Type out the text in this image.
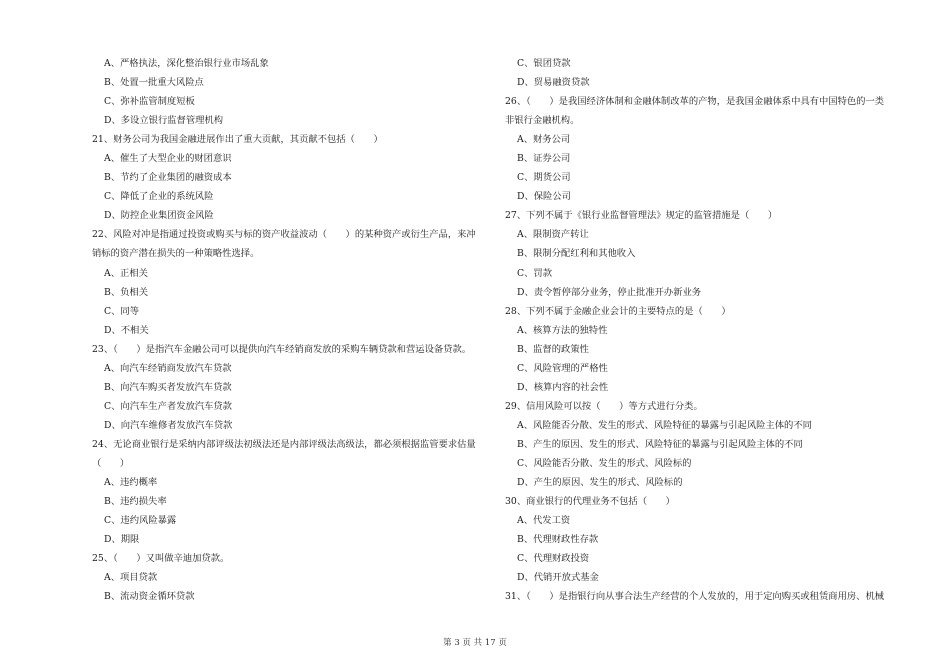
A、严格执法，深化整治银行业市场乱象
B、处置一批重大风险点
C、弥补监管制度短板
D、多设立银行监督管理机构
21、财务公司为我国金融进展作出了重大贡献，其贡献不包括（　　）
A、催生了大型企业的财团意识
B、节约了企业集团的融资成本
C、降低了企业的系统风险
D、防控企业集团资金风险
22、风险对冲是指通过投资或购买与标的资产收益波动（　　）的某种资产或衍生产品，来冲
销标的资产潜在损失的一种策略性选择。
A、正相关
B、负相关
C、同等
D、不相关
23、（　　）是指汽车金融公司可以提供向汽车经销商发放的采购车辆贷款和营运设备贷款。
A、向汽车经销商发放汽车贷款
B、向汽车购买者发放汽车贷款
C、向汽车生产者发放汽车贷款
D、向汽车维修者发放汽车贷款
24、无论商业银行是采纳内部评级法初级法还是内部评级法高级法，都必须根据监管要求估量
（　　）
A、违约概率
B、违约损失率
C、违约风险暴露
D、期限
25、（　　）又叫做辛迪加贷款。
A、项目贷款
B、流动资金循环贷款
C、银团贷款
D、贸易融资贷款
26、（　　）是我国经济体制和金融体制改革的产物，是我国金融体系中具有中国特色的一类
非银行金融机构。
A、财务公司
B、证券公司
C、期货公司
D、保险公司
27、下列不属于《银行业监督管理法》规定的监管措施是（　　）
A、限制资产转让
B、限制分配红利和其他收入
C、罚款
D、责令暂停部分业务，停止批准开办新业务
28、下列不属于金融企业会计的主要特点的是（　　）
A、核算方法的独特性
B、监督的政策性
C、风险管理的严格性
D、核算内容的社会性
29、信用风险可以按（　　）等方式进行分类。
A、风险能否分散、发生的形式、风险特征的暴露与引起风险主体的不同
B、产生的原因、发生的形式、风险特征的暴露与引起风险主体的不同
C、风险能否分散、发生的形式、风险标的
D、产生的原因、发生的形式、风险标的
30、商业银行的代理业务不包括（　　）
A、代发工资
B、代理财政性存款
C、代理财政投资
D、代销开放式基金
31、（　　）是指银行向从事合法生产经营的个人发放的，用于定向购买或租赁商用房、机械
第 3 页 共 17 页
